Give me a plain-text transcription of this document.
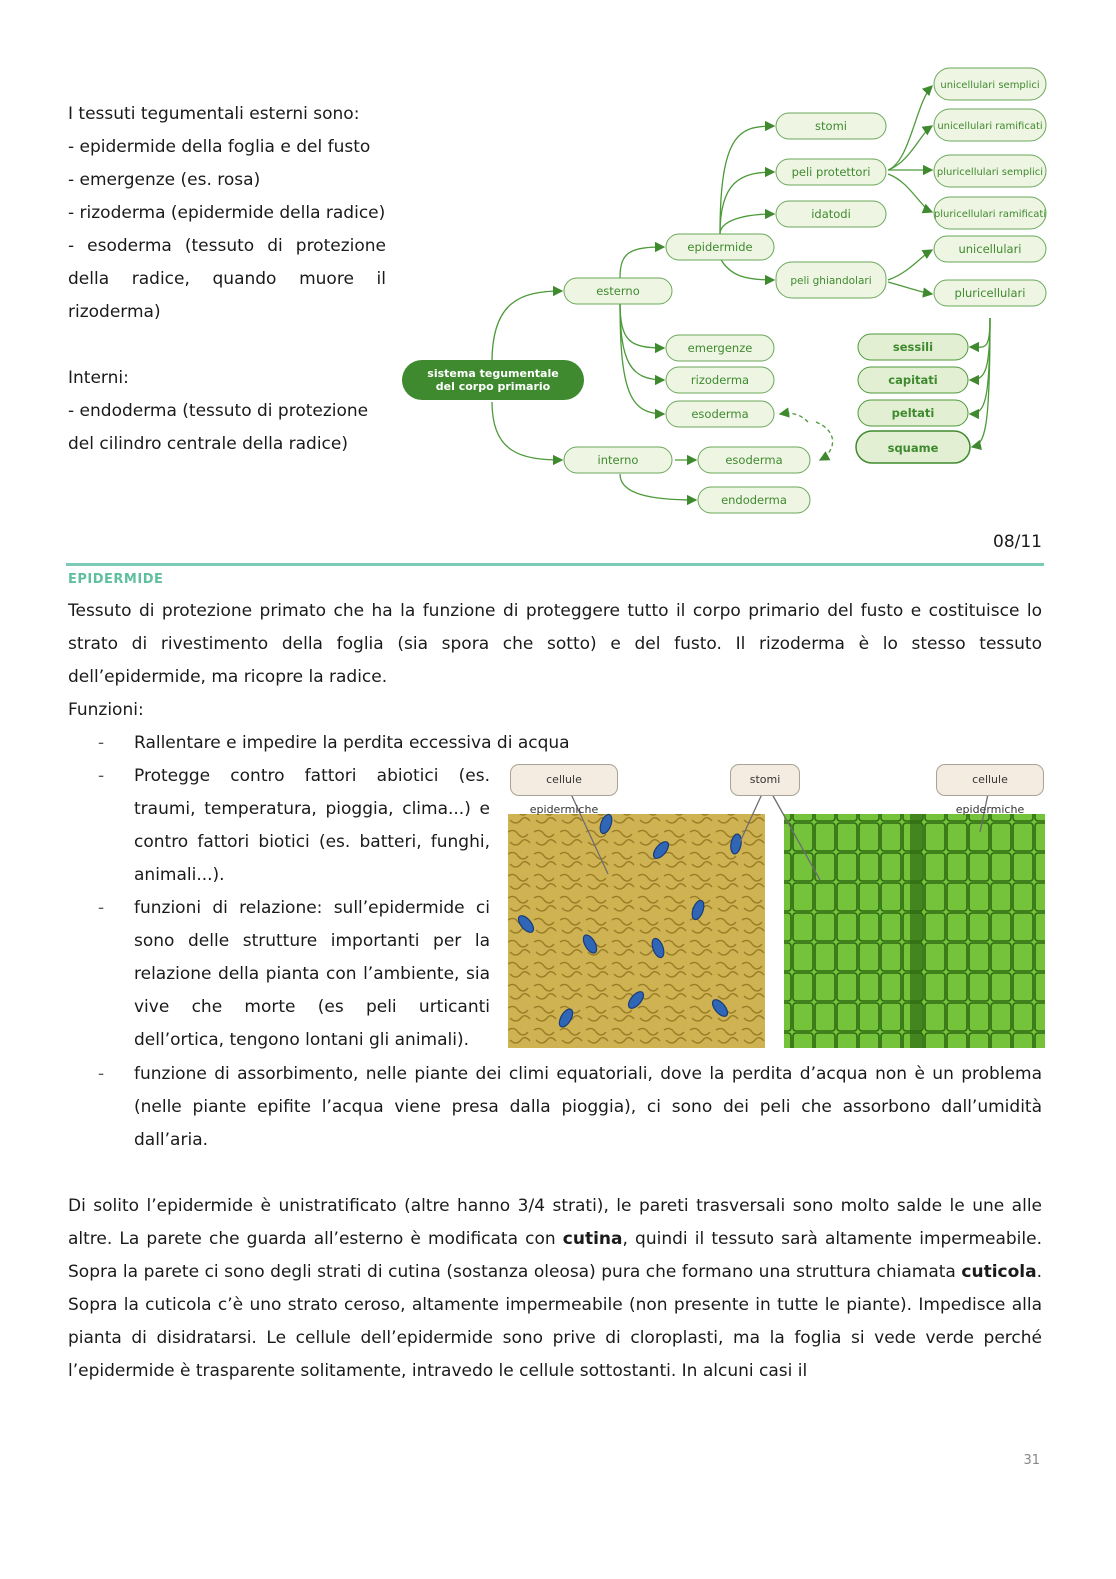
I tessuti tegumentali esterni sono:

- epidermide della foglia e del fusto

- emergenze (es. rosa)

- rizoderma (epidermide della radice)

- esoderma (tessuto di protezione della radice, quando muore il rizoderma)

Interni:

- endoderma (tessuto di protezione del cilindro centrale della radice)

sistema tegumentale del corpo primario
esterno
interno
epidermide
emergenze
rizoderma
esoderma
esoderma
endoderma
stomi
peli protettori
idatodi
peli ghiandolari
unicellulari semplici
unicellulari ramificati
pluricellulari semplici
pluricellulari ramificati
unicellulari
pluricellulari
sessili
capitati
peltati
squame
08/11
EPIDERMIDE

Tessuto di protezione primato che ha la funzione di proteggere tutto il corpo primario del fusto e costituisce lo strato di rivestimento della foglia (sia spora che sotto) e del fusto. Il rizoderma è lo stesso tessuto dell’epidermide, ma ricopre la radice.

Funzioni:

-	Rallentare e impedire la perdita eccessiva di acqua
-	Protegge contro fattori abiotici (es. traumi, temperatura, pioggia, clima...) e contro fattori biotici (es. batteri, funghi, animali...).
-	funzioni di relazione: sull’epidermide ci sono delle strutture importanti per la relazione della pianta con l’ambiente, sia vive che morte (es peli urticanti dell’ortica, tengono lontani gli animali).
-	funzione di assorbimento, nelle piante dei climi equatoriali, dove la perdita d’acqua non è un problema (nelle piante epifite l’acqua viene presa dalla pioggia), ci sono dei peli che assorbono dall’umidità dall’aria.
cellule epidermiche
stomi	cellule epidermiche
Di solito l’epidermide è unistratificato (altre hanno 3/4 strati), le pareti trasversali sono molto salde le une alle altre. La parete che guarda all’esterno è modificata con cutina, quindi il tessuto sarà altamente impermeabile. Sopra la parete ci sono degli strati di cutina (sostanza oleosa) pura che formano una struttura chiamata cuticola. Sopra la cuticola c’è uno strato ceroso, altamente impermeabile (non presente in tutte le piante). Impedisce alla pianta di disidratarsi. Le cellule dell’epidermide sono prive di cloroplasti, ma la foglia si vede verde perché l’epidermide è trasparente solitamente, intravedo le cellule sottostanti. In alcuni casi il
31
